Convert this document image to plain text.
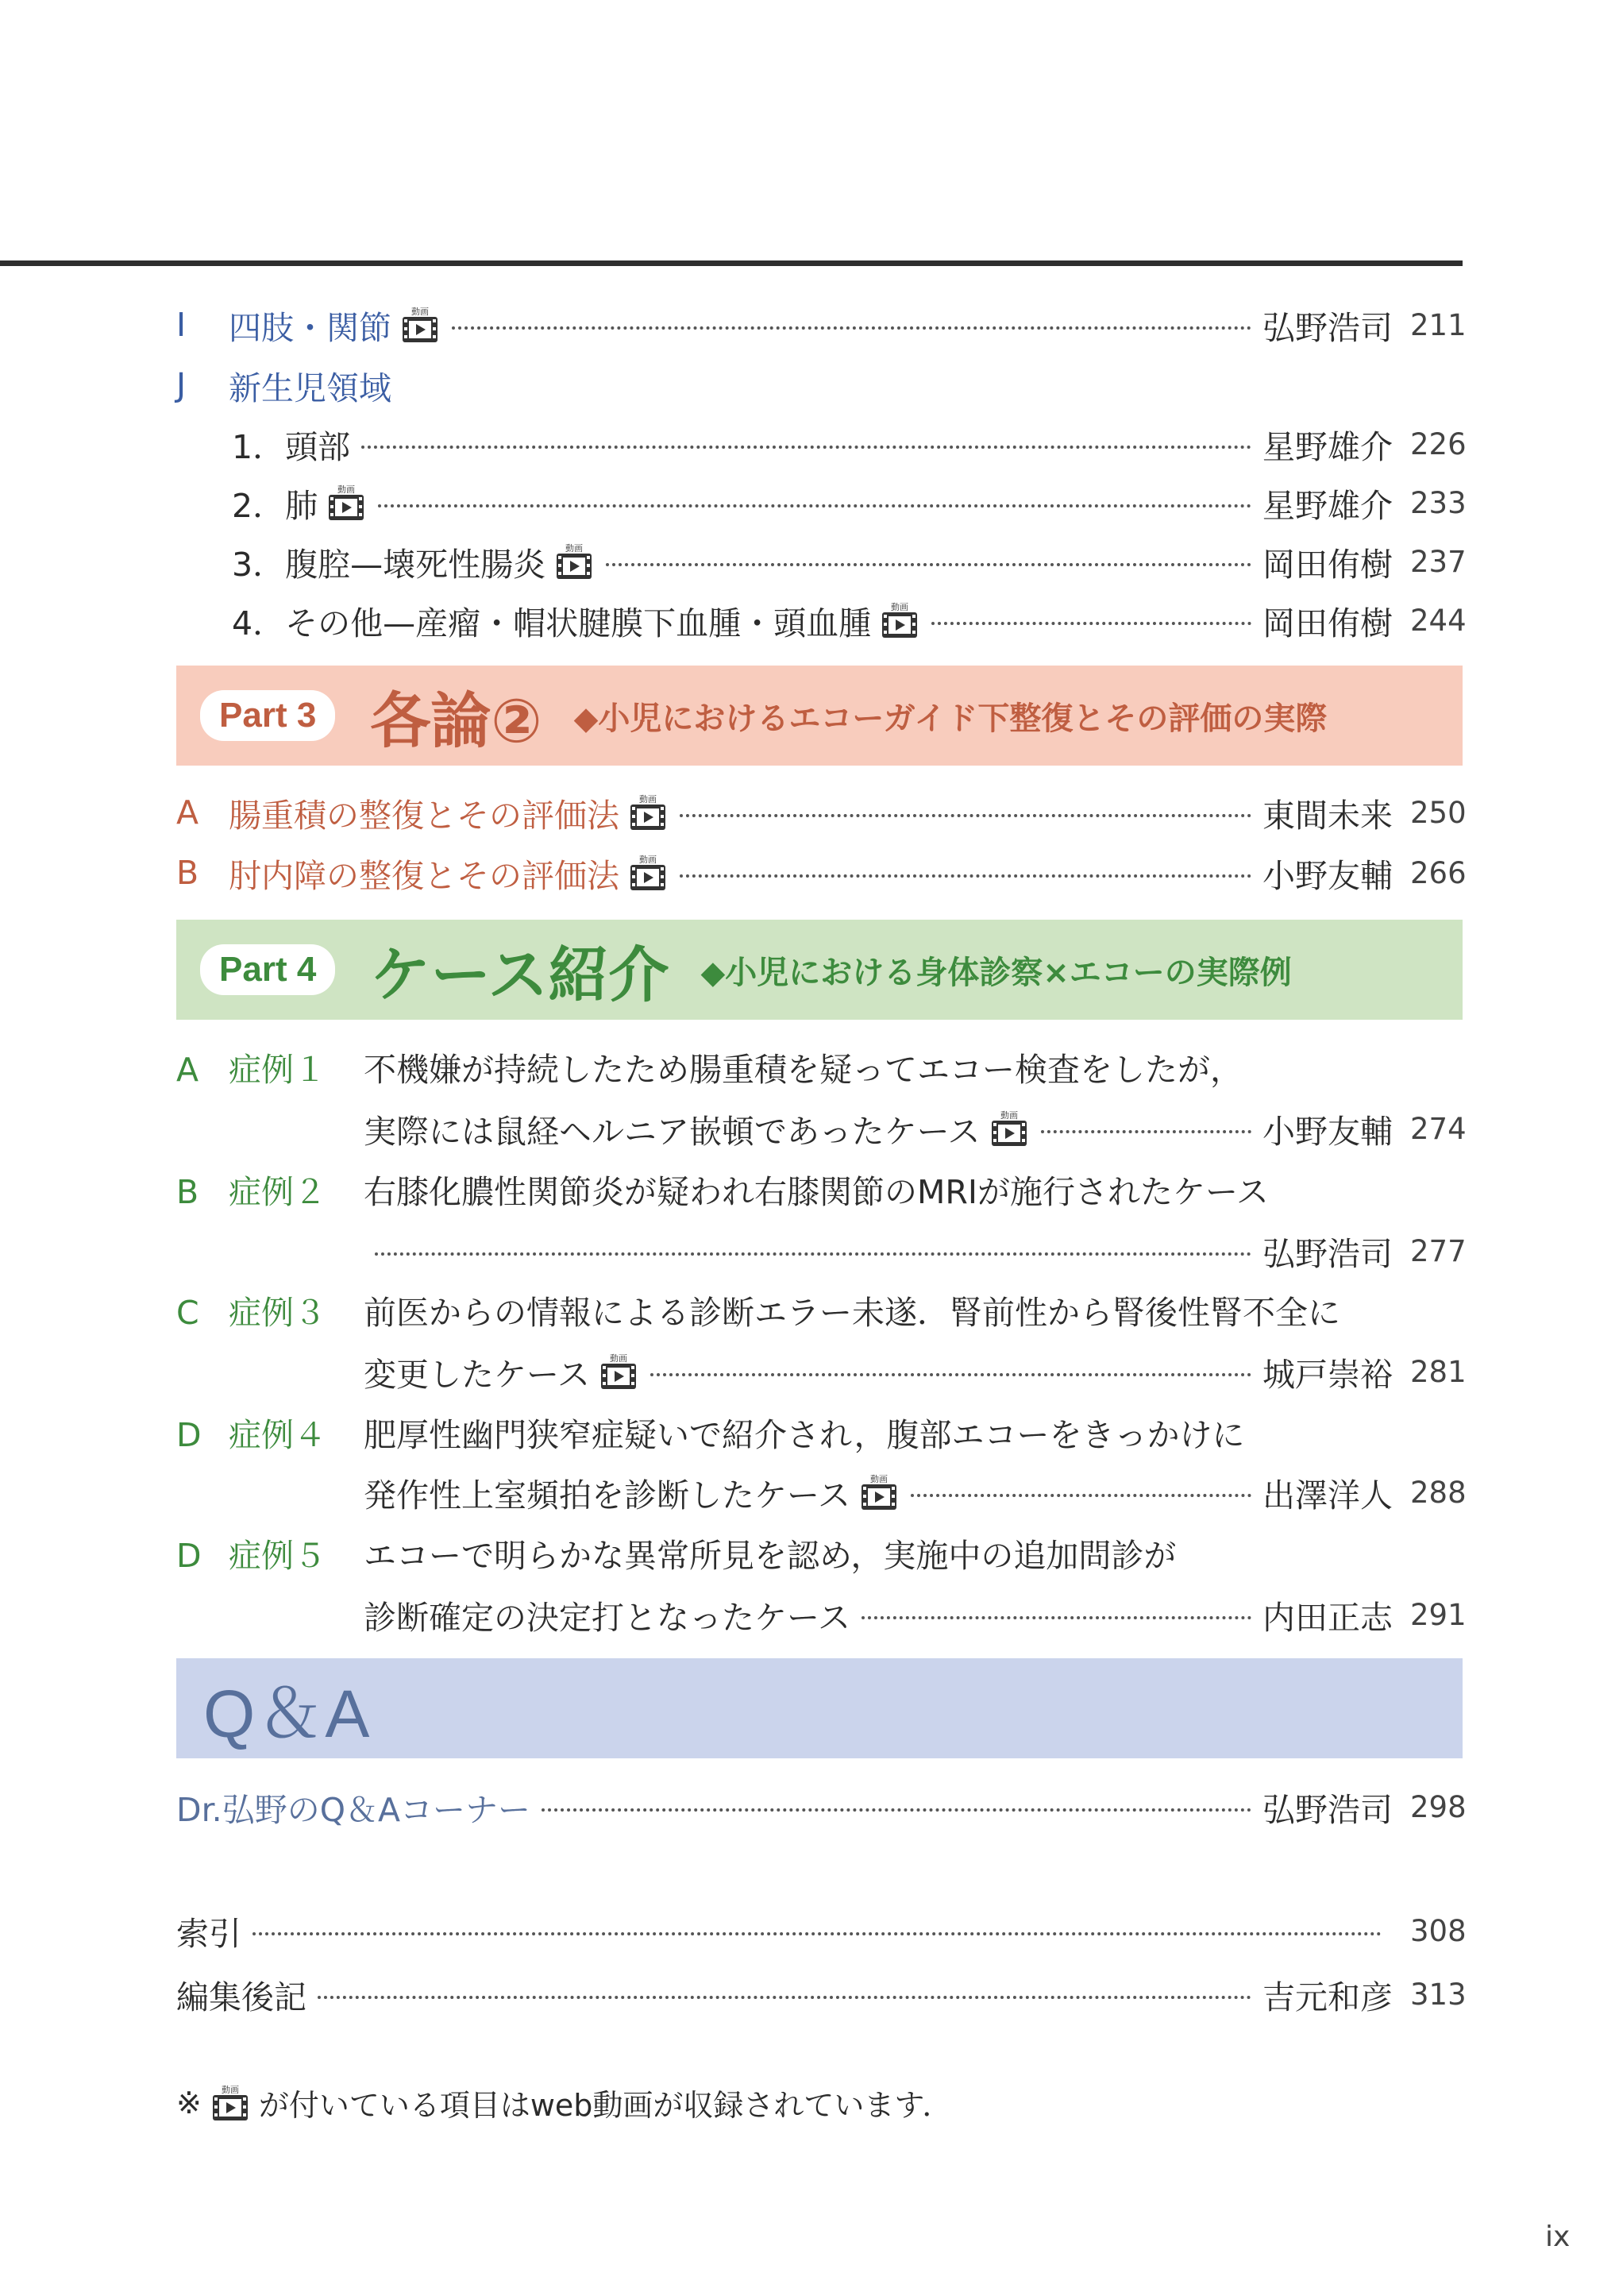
I	四肢・関節 動画	弘野浩司 211
J	新生児領域
1．頭部	星野雄介 226
2．肺 動画	星野雄介 233
3．腹腔—壊死性腸炎 動画	岡田侑樹 237
4．その他—産瘤・帽状腱膜下血腫・頭血腫 動画	岡田侑樹 244
Part 3 各論② ◆小児におけるエコーガイド下整復とその評価の実際
A 腸重積の整復とその評価法 動画	東間未来 250
B 肘内障の整復とその評価法 動画	小野友輔 266
Part 4 ケース紹介 ◆小児における身体診察×エコーの実際例
A 症例１	不機嫌が持続したため腸重積を疑ってエコー検査をしたが，
実際には鼠経ヘルニア嵌頓であったケース 動画	小野友輔 274
B 症例２	右膝化膿性関節炎が疑われ右膝関節のMRIが施行されたケース
弘野浩司 277
C 症例３	前医からの情報による診断エラー未遂．腎前性から腎後性腎不全に
変更したケース 動画	城戸崇裕 281
D 症例４	肥厚性幽門狭窄症疑いで紹介され，腹部エコーをきっかけに
発作性上室頻拍を診断したケース 動画	出澤洋人 288
D 症例５	エコーで明らかな異常所見を認め，実施中の追加問診が
診断確定の決定打となったケース	内田正志 291
Q＆A
Dr.弘野のQ＆Aコーナー	弘野浩司 298
索引	308
編集後記	吉元和彦 313
※ 動画 が付いている項目はweb動画が収録されています．
ix
